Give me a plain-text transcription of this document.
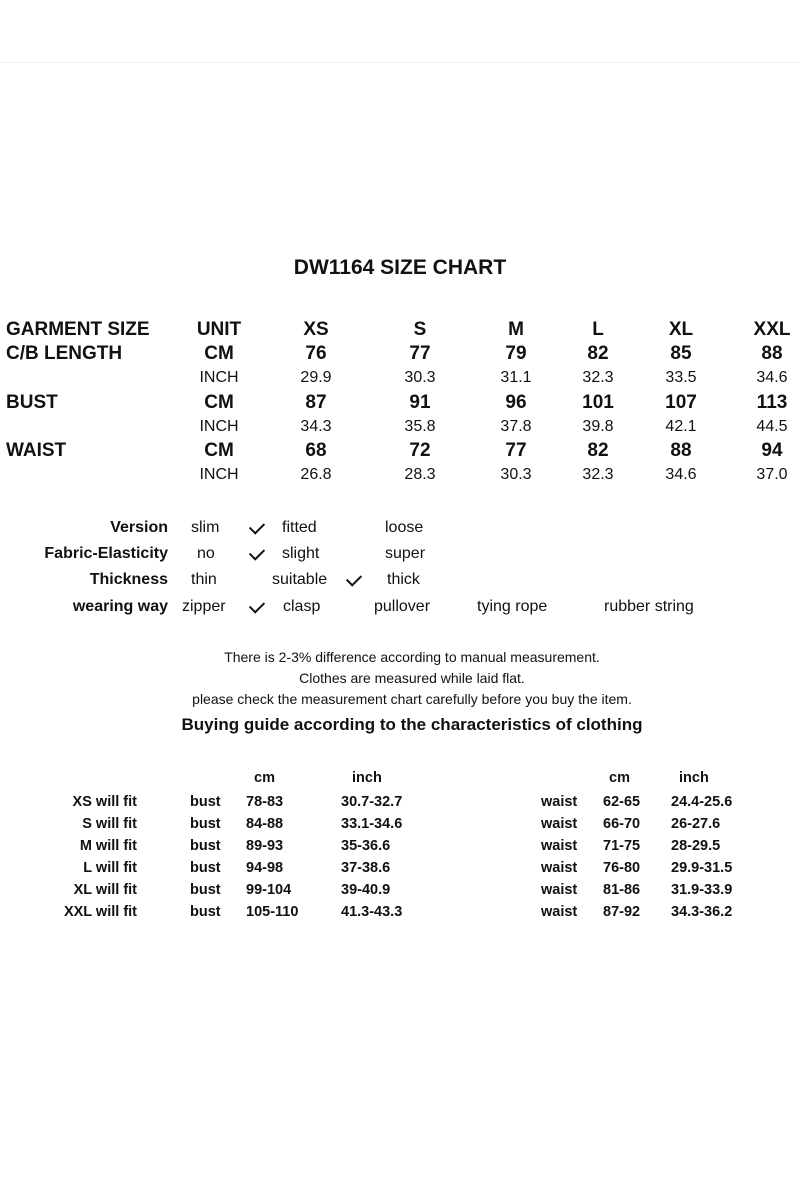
DW1164 SIZE CHART
GARMENT SIZE	UNIT	XS	S	M	L	XL	XXL
C/B LENGTH	CM	76	77	79	82	85	88
INCH	29.9	30.3	31.1	32.3	33.5	34.6
BUST	CM	87	91	96	101	107	113
INCH	34.3	35.8	37.8	39.8	42.1	44.5
WAIST	CM	68	72	77	82	88	94
INCH	26.8	28.3	30.3	32.3	34.6	37.0
Version slim	fitted	loose
Fabric-Elasticity no	slight	super
Thickness thin	suitable	thick
wearing way zipper	clasp	pullover	tying rope	rubber string
There is 2-3% difference according to manual measurement.
Clothes are measured while laid flat.
please check the measurement chart carefully before you buy the item.
Buying guide according to the characteristics of clothing
cm	inch	cm	inch
XS will fit	bust 78-83	30.7-32.7	waist 62-65 24.4-25.6
S will fit	bust 84-88	33.1-34.6	waist 66-70 26-27.6
M will fit	bust 89-93	35-36.6	waist 71-75 28-29.5
L will fit	bust 94-98	37-38.6	waist 76-80 29.9-31.5
XL will fit	bust 99-104	39-40.9	waist 81-86 31.9-33.9
XXL will fit	bust 105-110	41.3-43.3	waist 87-92 34.3-36.2
